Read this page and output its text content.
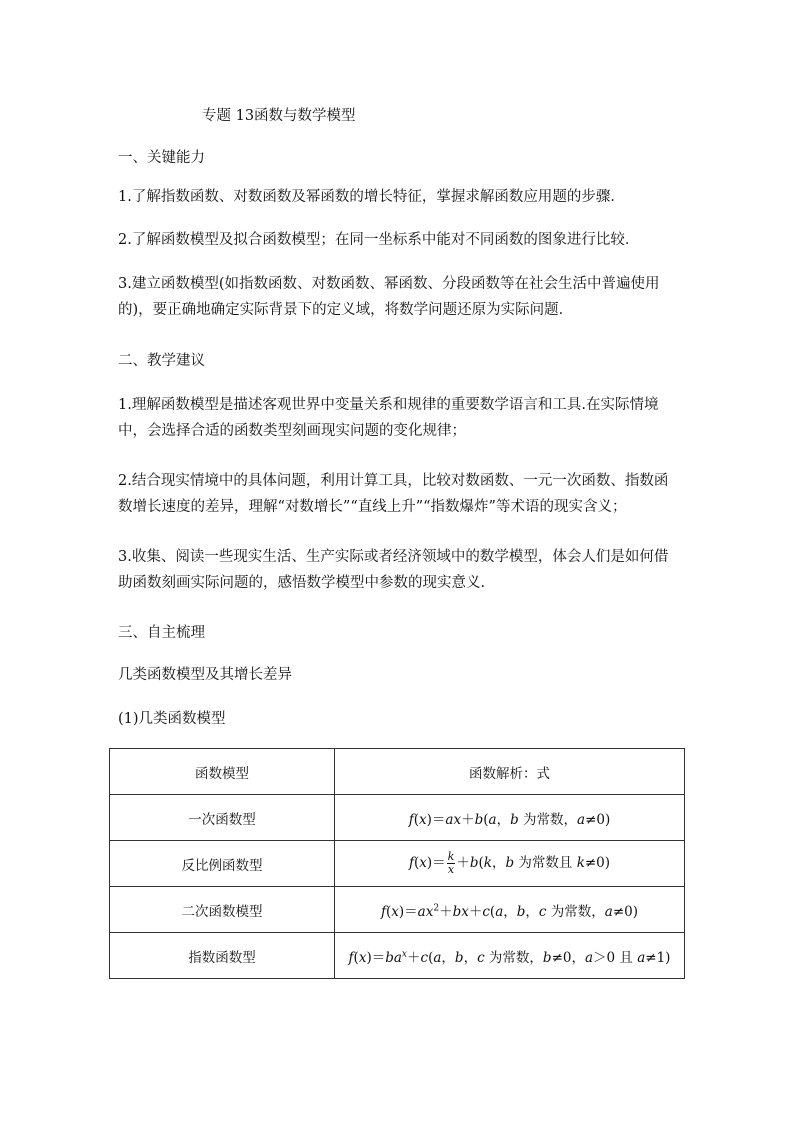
专题 13函数与数学模型
一、关键能力
1.了解指数函数、对数函数及幂函数的增长特征，掌握求解函数应用题的步骤．
2.了解函数模型及拟合函数模型；在同一坐标系中能对不同函数的图象进行比较．
3.建立函数模型(如指数函数、对数函数、幂函数、分段函数等在社会生活中普遍使用的)，要正确地确定实际背景下的定义域，将数学问题还原为实际问题．
二、教学建议
1.理解函数模型是描述客观世界中变量关系和规律的重要数学语言和工具.在实际情境中，会选择合适的函数类型刻画现实问题的变化规律；
2.结合现实情境中的具体问题，利用计算工具，比较对数函数、一元一次函数、指数函数增长速度的差异，理解“对数增长”“直线上升”“指数爆炸”等术语的现实含义；
3.收集、阅读一些现实生活、生产实际或者经济领域中的数学模型，体会人们是如何借助函数刻画实际问题的，感悟数学模型中参数的现实意义.
三、自主梳理
几类函数模型及其增长差异
(1)几类函数模型
函数模型	函数解析：式
一次函数型	f(x)＝ax＋b(a，b 为常数，a≠0)
反比例函数型	$f(x)= \frac{k}{x} +b(k$，b 为常数且 k≠0)
二次函数模型	$f(x)=ax^2+bx+c(a$，b，c 为常数，a≠0)
指数函数型	$f(x)=ba^x+c(a$，b，c 为常数，b≠0，a＞0 且 a≠1)
